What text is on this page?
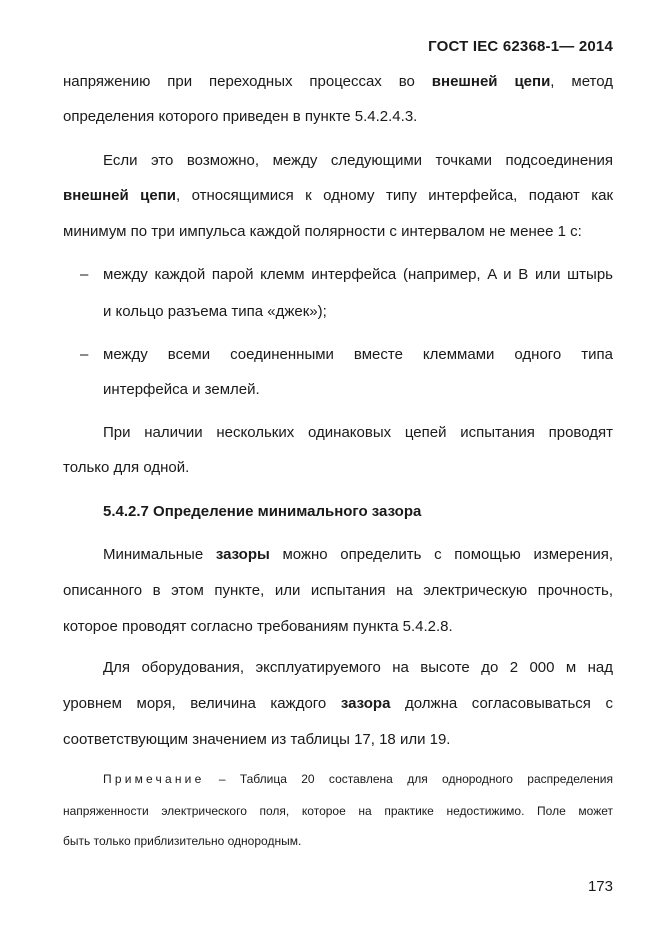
ГОСТ IEC 62368-1— 2014
напряжению при переходных процессах во внешней цепи, метод
определения которого приведен в пункте 5.4.2.4.3.
Если это возможно, между следующими точками подсоединения
внешней цепи, относящимися к одному типу интерфейса, подают как
минимум по три импульса каждой полярности с интервалом не менее 1 с:
– между каждой парой клемм интерфейса (например, A и B или штырь
и кольцо разъема типа «джек»);
– между всеми соединенными вместе клеммами одного типа
интерфейса и землей.
При наличии нескольких одинаковых цепей испытания проводят
только для одной.
5.4.2.7 Определение минимального зазора
Минимальные зазоры можно определить с помощью измерения,
описанного в этом пункте, или испытания на электрическую прочность,
которое проводят согласно требованиям пункта 5.4.2.8.
Для оборудования, эксплуатируемого на высоте до 2 000 м над
уровнем моря, величина каждого зазора должна согласовываться с
соответствующим значением из таблицы 17, 18 или 19.
Примечание – Таблица 20 составлена для однородного распределения
напряженности электрического поля, которое на практике недостижимо. Поле может
быть только приблизительно однородным.
173
